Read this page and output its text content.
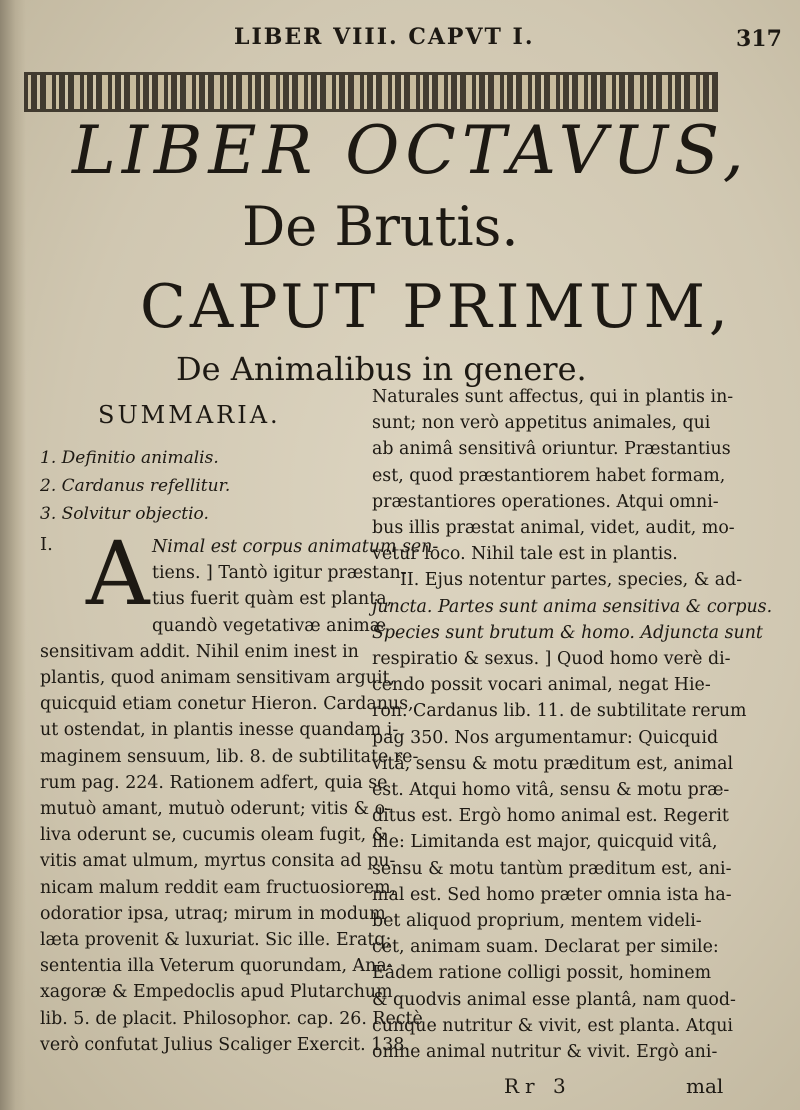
LIBER VIII. CAPVT I.	317
LIBER OCTAVUS,
De Brutis.
CAPUT PRIMUM,
De Animalibus in genere.
SUMMARIA.
1. Definitio animalis.
2. Cardanus refellitur.
3. Solvitur objectio.
I. A Nimal est corpus animatum sen-

tiens. ] Tantò igitur præstan-

tius fuerit quàm est planta,

quandò vegetativæ animæ

sensitivam addit. Nihil enim inest in

plantis, quod animam sensitivam arguit,

quicquid etiam conetur Hieron. Cardanus,

ut ostendat, in plantis inesse quandam i-

maginem sensuum, lib. 8. de subtilitate re-

rum pag. 224. Rationem adfert, quia se

mutuò amant, mutuò oderunt; vitis & o-

liva oderunt se, cucumis oleam fugit, &

vitis amat ulmum, myrtus consita ad pu-

nicam malum reddit eam fructuosiorem,

odoratior ipsa, utraq; mirum in modum

læta provenit & luxuriat. Sic ille. Eratq;

sententia illa Veterum quorundam, Ana-

xagoræ & Empedoclis apud Plutarchum

lib. 5. de placit. Philosophor. cap. 26. Rectè

verò confutat Julius Scaliger Exercit. 138.

Naturales sunt affectus, qui in plantis in-

sunt; non verò appetitus animales, qui

ab animâ sensitivâ oriuntur. Præstantius

est, quod præstantiorem habet formam,

præstantiores operationes. Atqui omni-

bus illis præstat animal, videt, audit, mo-

vetur loco. Nihil tale est in plantis.

II. Ejus notentur partes, species, & ad-

juncta. Partes sunt anima sensitiva & corpus.

Species sunt brutum & homo. Adjuncta sunt

respiratio & sexus. ] Quod homo verè di-

cendo possit vocari animal, negat Hie-

ron. Cardanus lib. 11. de subtilitate rerum

pag 350. Nos argumentamur: Quicquid

vitâ, sensu & motu præditum est, animal

est. Atqui homo vitâ, sensu & motu præ-

ditus est. Ergò homo animal est. Regerit

ille: Limitanda est major, quicquid vitâ,

sensu & motu tantùm præditum est, ani-

mal est. Sed homo præter omnia ista ha-

bet aliquod proprium, mentem videli-

cet, animam suam. Declarat per simile:

Eâdem ratione colligi possit, hominem

& quodvis animal esse plantâ, nam quod-

cunque nutritur & vivit, est planta. Atqui

omne animal nutritur & vivit. Ergò ani-

Rr 3	mal
